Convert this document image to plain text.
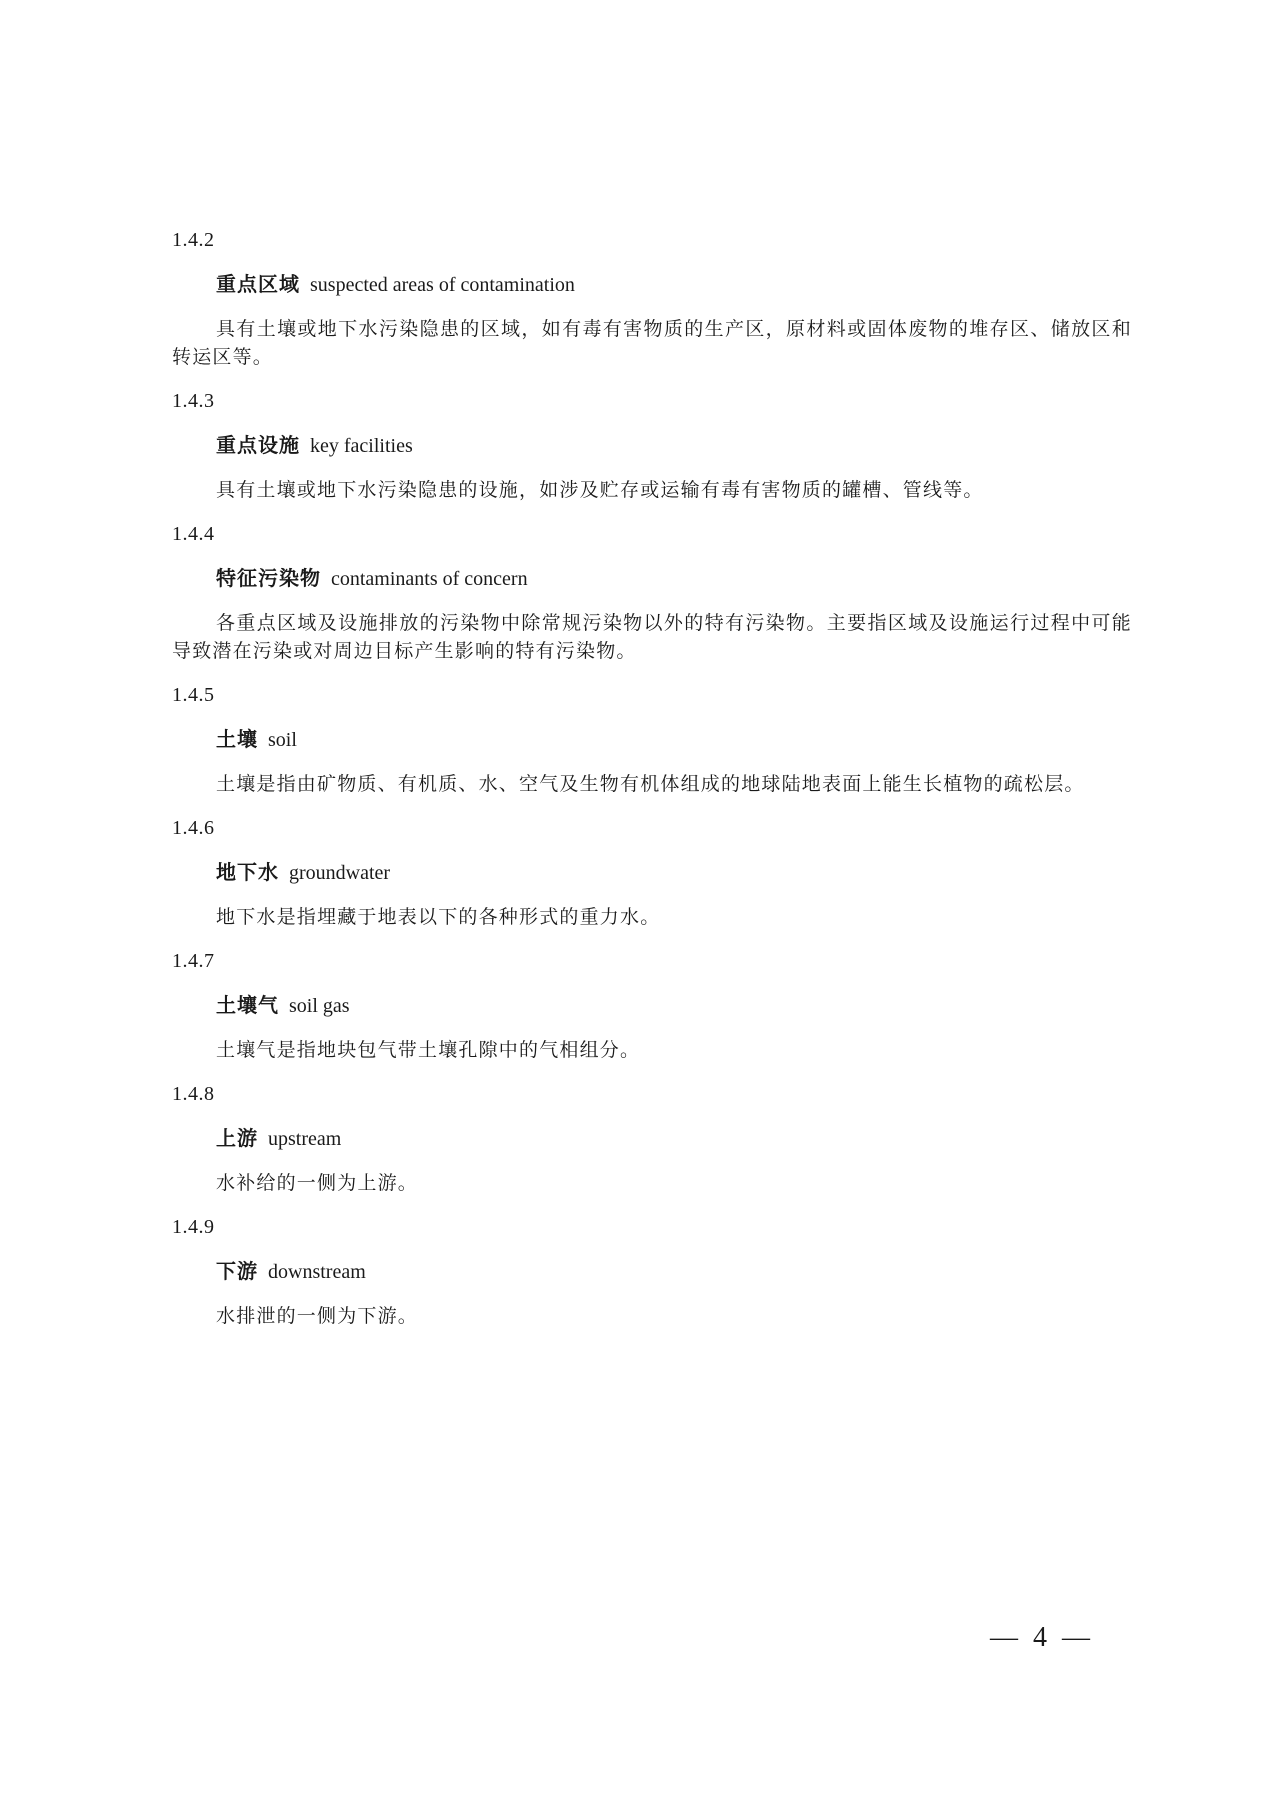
1.4.2
重点区域 suspected areas of contamination

具有土壤或地下水污染隐患的区域，如有毒有害物质的生产区，原材料或固体废物的堆存区、储放区和转运区等。

1.4.3
重点设施 key facilities

具有土壤或地下水污染隐患的设施，如涉及贮存或运输有毒有害物质的罐槽、管线等。

1.4.4
特征污染物 contaminants of concern

各重点区域及设施排放的污染物中除常规污染物以外的特有污染物。主要指区域及设施运行过程中可能导致潜在污染或对周边目标产生影响的特有污染物。

1.4.5
土壤 soil

土壤是指由矿物质、有机质、水、空气及生物有机体组成的地球陆地表面上能生长植物的疏松层。

1.4.6
地下水 groundwater

地下水是指埋藏于地表以下的各种形式的重力水。

1.4.7
土壤气 soil gas

土壤气是指地块包气带土壤孔隙中的气相组分。

1.4.8
上游 upstream

水补给的一侧为上游。

1.4.9
下游 downstream

水排泄的一侧为下游。

— 4 —
